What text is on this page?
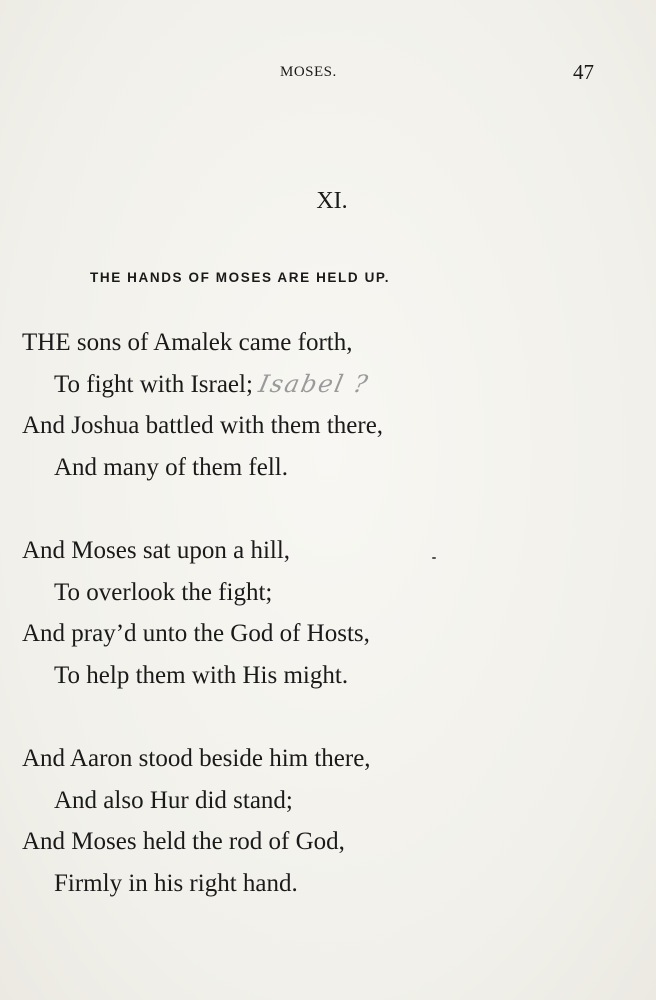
MOSES.	47
XI.
THE HANDS OF MOSES ARE HELD UP.
THE sons of Amalek came forth,
To fight with Israel; Isabel ?
And Joshua battled with them there,
And many of them fell.
And Moses sat upon a hill,
To overlook the fight;
And pray’d unto the God of Hosts,
To help them with His might.
And Aaron stood beside him there,
And also Hur did stand;
And Moses held the rod of God,
Firmly in his right hand.
